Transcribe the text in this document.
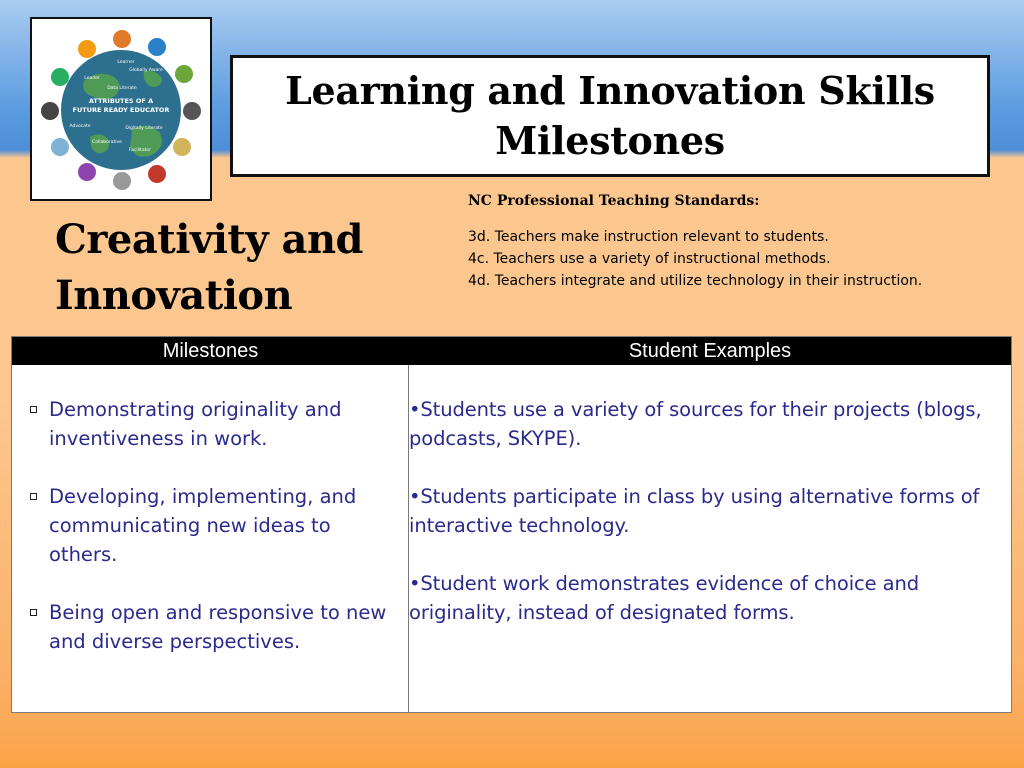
ATTRIBUTES OF A
FUTURE READY EDUCATOR
Learner
Globally Aware
Leader
Data Literate
Digitally Literate
Advocate
Collaborative
Facilitator
Learning and Innovation Skills
Milestones
Creativity and
Innovation

NC Professional Teaching Standards:

3d. Teachers make instruction relevant to students.

4c. Teachers use a variety of instructional methods.

4d. Teachers integrate and utilize technology in their instruction.

Milestones	Student Examples
Demonstrating originality and inventiveness in work.
Developing, implementing, and communicating new ideas to others.
Being open and responsive to new and diverse perspectives.

•Students use a variety of sources for their projects (blogs, podcasts, SKYPE).

•Students participate in class by using alternative forms of interactive technology.

•Student work demonstrates evidence of choice and originality, instead of designated forms.
